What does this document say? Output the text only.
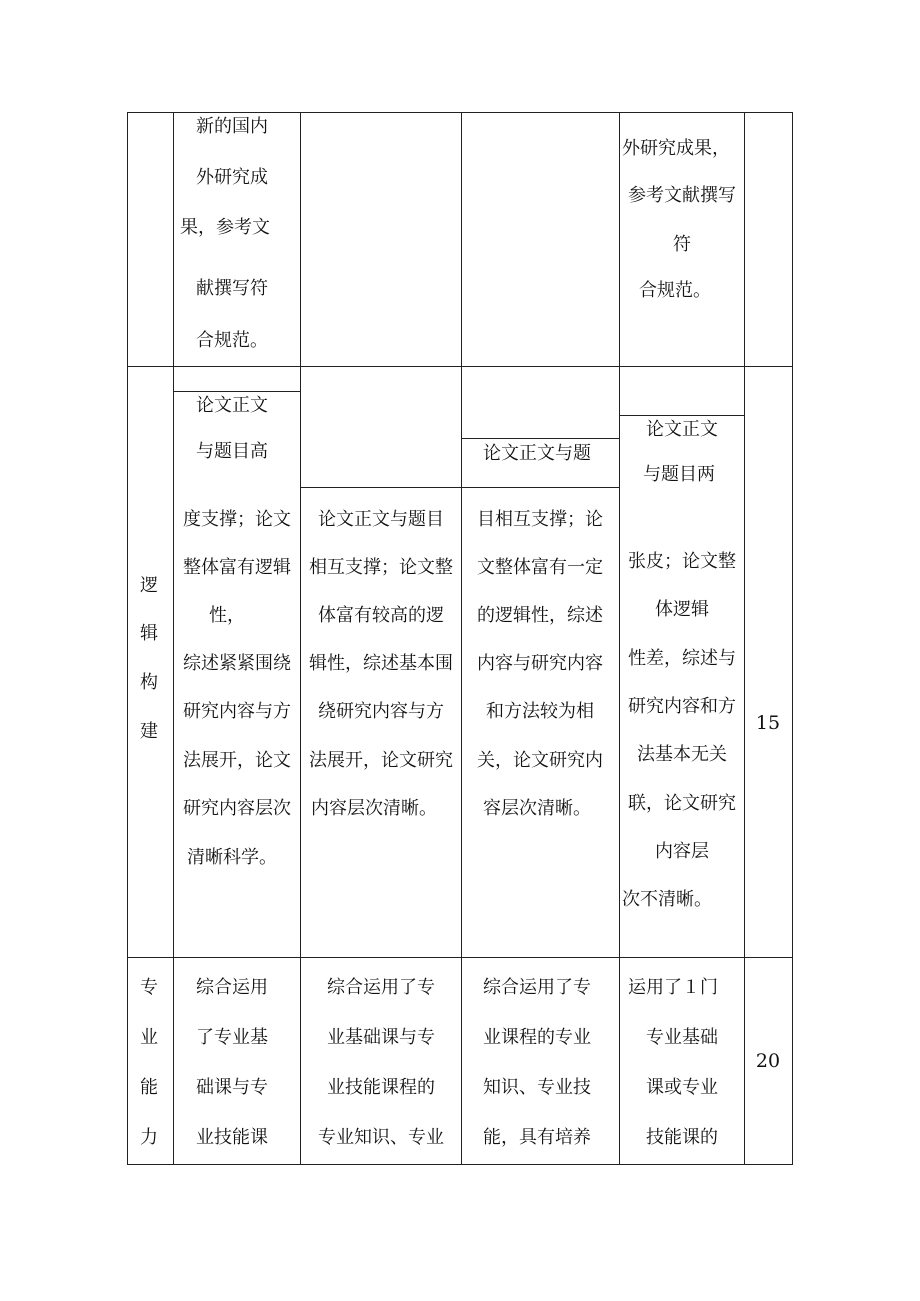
新的国内
外研究成
果，参考文
献撰写符
合规范。
外研究成果，
参考文献撰写
符
合规范。
逻
辑
构
建
论文正文
与题目高
度支撑；论文
整体富有逻辑
性，
综述紧紧围绕
研究内容与方
法展开，论文
研究内容层次
清晰科学。
论文正文与题目
相互支撑；论文整
体富有较高的逻
辑性，综述基本围
绕研究内容与方
法展开，论文研究
内容层次清晰。
论文正文与题
目相互支撑；论
文整体富有一定
的逻辑性，综述
内容与研究内容
和方法较为相
关，论文研究内
容层次清晰。
论文正文
与题目两
张皮；论文整
体逻辑
性差，综述与
研究内容和方
法基本无关
联，论文研究
内容层
次不清晰。
15
专
业
能
力
综合运用
了专业基
础课与专
业技能课
综合运用了专
业基础课与专
业技能课程的
专业知识、专业
综合运用了专
业课程的专业
知识、专业技
能，具有培养
运用了１门
专业基础
课或专业
技能课的
20
